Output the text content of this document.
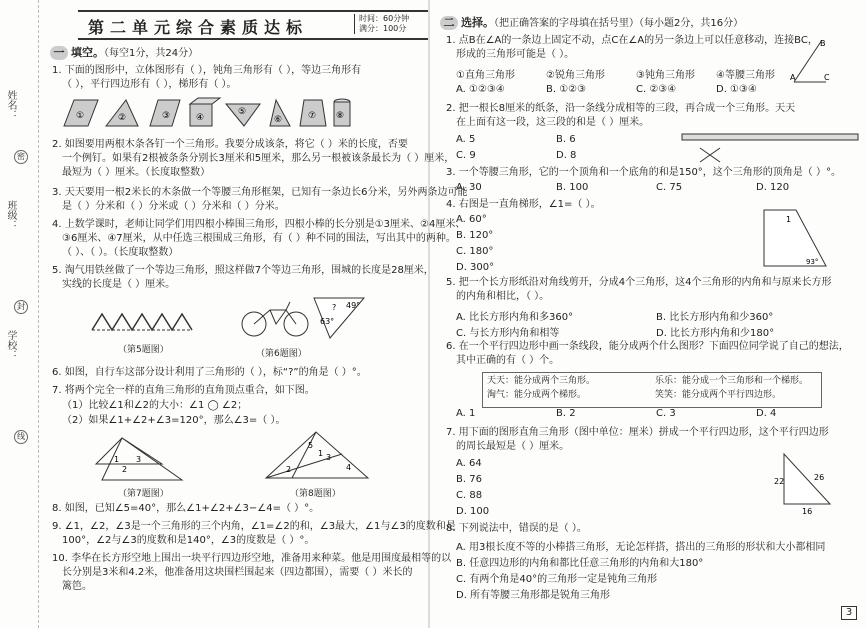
姓名：
密
班级：
封
学校：
线
第二单元综合素质达标	时间：60分钟
满分：100分
一 填空。（每空1分，共24分）
1. 下面的图形中，立体图形有（ ），钝角三角形有（ ），等边三角形有
（ ），平行四边形有（ ），梯形有（ ）。
①	②	③	④
⑤
⑥	⑦ ⑧
2. 如图要用两根木条各钉一个三角形。我要分成该条，将它（ ）米的长度，否要
一个例钉。如果有2根被条条分别长3厘米和5厘米，那么另一根被该条最长为（ ）厘米，
最短为（ ）厘米。（长度取整数）
3. 天天要用一根2米长的木条做一个等腰三角形框架，已知有一条边长6分米，另外两条边可能
是（ ）分米和（ ）分米或（ ）分米和（ ）分米。
4. 上数学课时，老师让同学们用四根小棒围三角形，四根小棒的长分别是①3厘米、②4厘米、
③6厘米、④7厘米，从中任选三根围成三角形，有（ ）种不同的围法，写出其中的两种。
（ ）、（ ）。（长度取整数）
5. 淘气用铁丝做了一个等边三角形，照这样做7个等边三角形，围城的长度是28厘米，
实线的长度是（ ）厘米。
（第5题图）
49°
63°
?
（第6题图）
6. 如图，自行车这部分设计利用了三角形的（ ），标“?”的角是（ ）°。
7. 将两个完全一样的直角三角形的直角顶点重合，如下图。
（1）比较∠1和∠2的大小：∠1 ◯ ∠2；
（2）如果∠1+∠2+∠3=120°，那么∠3=（ ）。
1
2
3
（第7题图）
5
1 3
2	4
（第8题图）
8. 如图，已知∠5=40°，那么∠1+∠2+∠3−∠4=（ ）°。
9. ∠1，∠2，∠3是一个三角形的三个内角，∠1=∠2的和，∠3最大，∠1与∠3的度数和是
100°，∠2与∠3的度数和是140°，∠3的度数是（ ）°。
10. 李华在长方形空地上围出一块平行四边形空地，准备用来种菜。他是用围度最相等的以
长分别是3米和4.2米，他准备用这块围栏围起来（四边都围），需要（ ）米长的
篱笆。
二 选择。（把正确答案的字母填在括号里）（每小题2分，共16分）
1. 点B在∠A的一条边上固定不动，点C在∠A的另一条边上可以任意移动，连接BC，
形成的三角形可能是（ ）。
①直角三角形	②锐角三角形	③钝角三角形 ④等腰三角形 A
B
C
A. ①②③④	B. ①②③	C. ②③④	D. ①③④
2. 把一根长8厘米的纸条，沿一条线分成相等的三段，再合成一个三角形。天天
在上面有这一段，这三段的和是（ ）厘米。
A. 5	B. 6
C. 9	D. 8
3. 一个等腰三角形，它的一个顶角和一个底角的和是150°，这个三角形的顶角是（ ）°。
A. 30	B. 100	C. 75	D. 120
4. 右图是一直角梯形，∠1=（ ）。
A. 60°
B. 120°
C. 180°
D. 300°
1
93°
5. 把一个长方形纸沿对角线剪开，分成4个三角形，这4个三角形的内角和与原来长方形
的内角和相比，（ ）。
A. 比长方形内角和多360°	B. 比长方形内角和少360°
C. 与长方形内角和相等	D. 比长方形内角和少180°
6. 在一个平行四边形中画一条线段，能分成两个什么图形？下面四位同学说了自己的想法，
其中正确的有（ ）个。
天天：能分成两个三角形。	乐乐：能分成一个三角形和一个梯形。
淘气：能分成两个梯形。	笑笑：能分成两个平行四边形。
A. 1	B. 2	C. 3	D. 4
7. 用下面的图形直角三角形（图中单位：厘米）拼成一个平行四边形，这个平行四边形
的周长最短是（ ）厘米。
A. 64
B. 76
C. 88
D. 100
22	26
16
8. 下列说法中，错误的是（ ）。
A. 用3根长度不等的小棒搭三角形，无论怎样搭，搭出的三角形的形状和大小都相同
B. 任意四边形的内角和都比任意三角形的内角和大180°
C. 有两个角是40°的三角形一定是钝角三角形
D. 所有等腰三角形都是锐角三角形
3
